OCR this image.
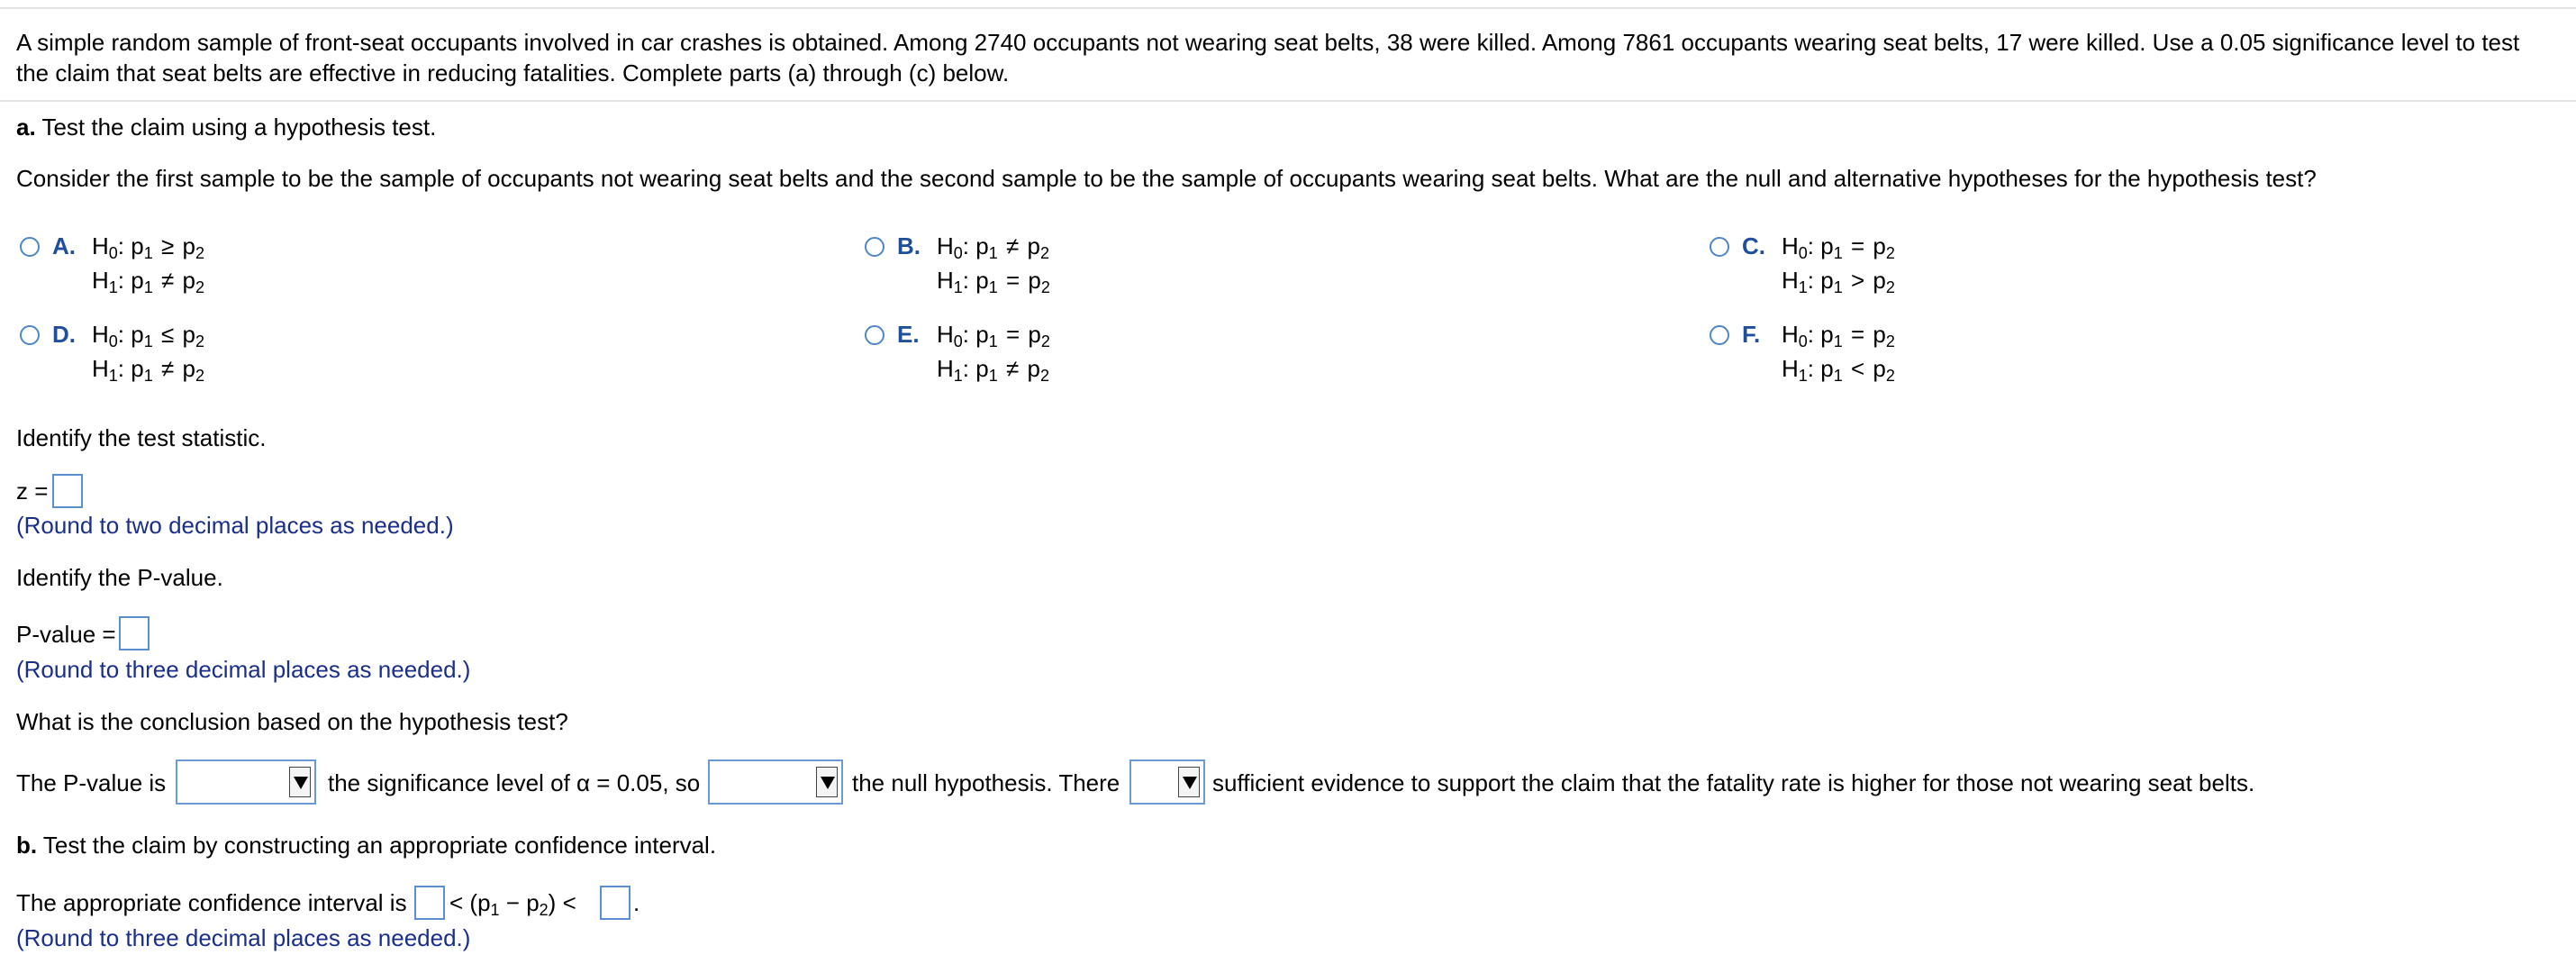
A simple random sample of front-seat occupants involved in car crashes is obtained. Among 2740 occupants not wearing seat belts, 38 were killed. Among 7861 occupants wearing seat belts, 17 were killed. Use a 0.05 significance level to test
the claim that seat belts are effective in reducing fatalities. Complete parts (a) through (c) below.
a. Test the claim using a hypothesis test.
Consider the first sample to be the sample of occupants not wearing seat belts and the second sample to be the sample of occupants wearing seat belts. What are the null and alternative hypotheses for the hypothesis test?
A. $H_0$: $p_1 \ge p_2$
$H_1$: $p_1 \ne p_2$
B. $H_0$: $p_1 \ne p_2$
$H_1$: $p_1 = p_2$
C. $H_0$: $p_1 = p_2$
$H_1$: $p_1 > p_2$
D. $H_0$: $p_1 \le p_2$
$H_1$: $p_1 \ne p_2$
E. $H_0$: $p_1 = p_2$
$H_1$: $p_1 \ne p_2$
F. $H_0$: $p_1 = p_2$
$H_1$: $p_1 < p_2$
Identify the test statistic.
z =
(Round to two decimal places as needed.)
Identify the P-value.
P-value =
(Round to three decimal places as needed.)
What is the conclusion based on the hypothesis test?
The P-value is	the significance level of α = 0.05, so	the null hypothesis. There	sufficient evidence to support the claim that the fatality rate is higher for those not wearing seat belts.
b. Test the claim by constructing an appropriate confidence interval.
The appropriate confidence interval is < $(p_1 - p_2)$ < .
(Round to three decimal places as needed.)
